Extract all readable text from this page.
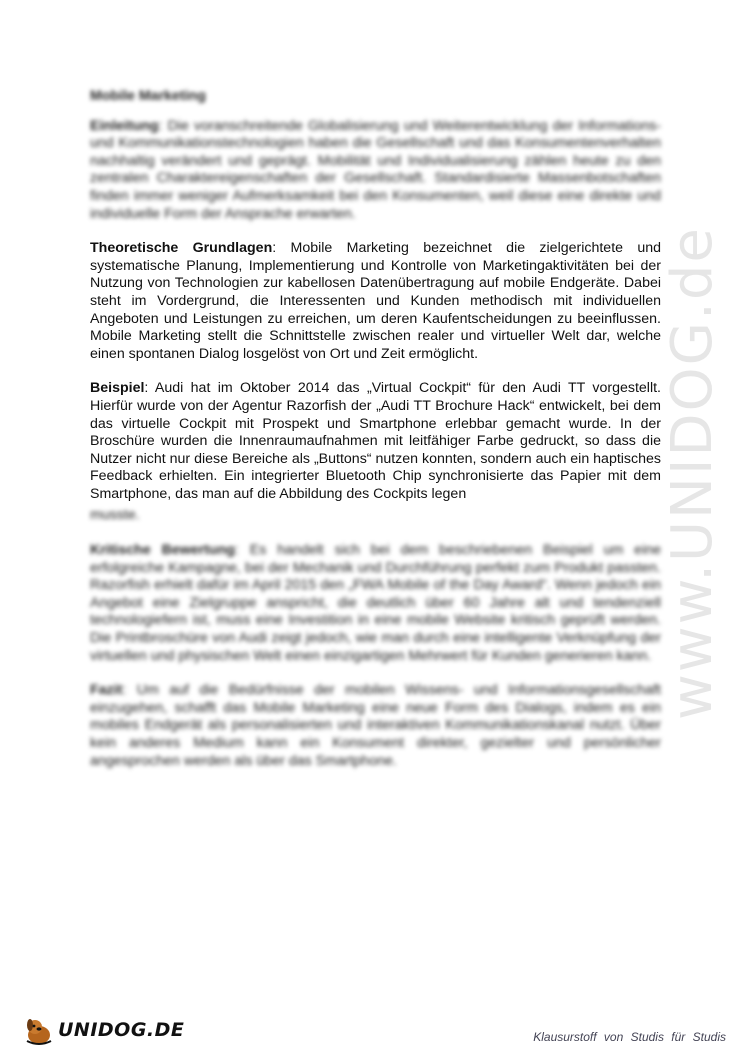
www.UNIDOG.de

Mobile Marketing

Einleitung: Die voranschreitende Globalisierung und Weiterentwicklung der Informations- und Kommunikationstechnologien haben die Gesellschaft und das Konsumentenverhalten nachhaltig verändert und geprägt. Mobilität und Individualisierung zählen heute zu den zentralen Charaktereigenschaften der Gesellschaft. Standardisierte Massenbotschaften finden immer weniger Aufmerksamkeit bei den Konsumenten, weil diese eine direkte und individuelle Form der Ansprache erwarten.

Theoretische Grundlagen: Mobile Marketing bezeichnet die zielgerichtete und systematische Planung, Implementierung und Kontrolle von Marketingaktivitäten bei der Nutzung von Technologien zur kabellosen Datenübertragung auf mobile Endgeräte. Dabei steht im Vordergrund, die Interessenten und Kunden methodisch mit individuellen Angeboten und Leistungen zu erreichen, um deren Kaufentscheidungen zu beeinflussen. Mobile Marketing stellt die Schnittstelle zwischen realer und virtueller Welt dar, welche einen spontanen Dialog losgelöst von Ort und Zeit ermöglicht.

Beispiel: Audi hat im Oktober 2014 das „Virtual Cockpit“ für den Audi TT vorgestellt. Hierfür wurde von der Agentur Razorfish der „Audi TT Brochure Hack“ entwickelt, bei dem das virtuelle Cockpit mit Prospekt und Smartphone erlebbar gemacht wurde. In der Broschüre wurden die Innenraumaufnahmen mit leitfähiger Farbe gedruckt, so dass die Nutzer nicht nur diese Bereiche als „Buttons“ nutzen konnten, sondern auch ein haptisches Feedback erhielten. Ein integrierter Bluetooth Chip synchronisierte das Papier mit dem Smartphone, das man auf die Abbildung des Cockpits legen

musste.

Kritische Bewertung: Es handelt sich bei dem beschriebenen Beispiel um eine erfolgreiche Kampagne, bei der Mechanik und Durchführung perfekt zum Produkt passten. Razorfish erhielt dafür im April 2015 den „FWA Mobile of the Day Award“. Wenn jedoch ein Angebot eine Zielgruppe anspricht, die deutlich über 60 Jahre alt und tendenziell technologiefern ist, muss eine Investition in eine mobile Website kritisch geprüft werden. Die Printbroschüre von Audi zeigt jedoch, wie man durch eine intelligente Verknüpfung der virtuellen und physischen Welt einen einzigartigen Mehrwert für Kunden generieren kann.

Fazit: Um auf die Bedürfnisse der mobilen Wissens- und Informationsgesellschaft einzugehen, schafft das Mobile Marketing eine neue Form des Dialogs, indem es ein mobiles Endgerät als personalisierten und interaktiven Kommunikationskanal nutzt. Über kein anderes Medium kann ein Konsument direkter, gezielter und persönlicher angesprochen werden als über das Smartphone.

UNIDOG.DE	Klausurstoff von Studis für Studis
